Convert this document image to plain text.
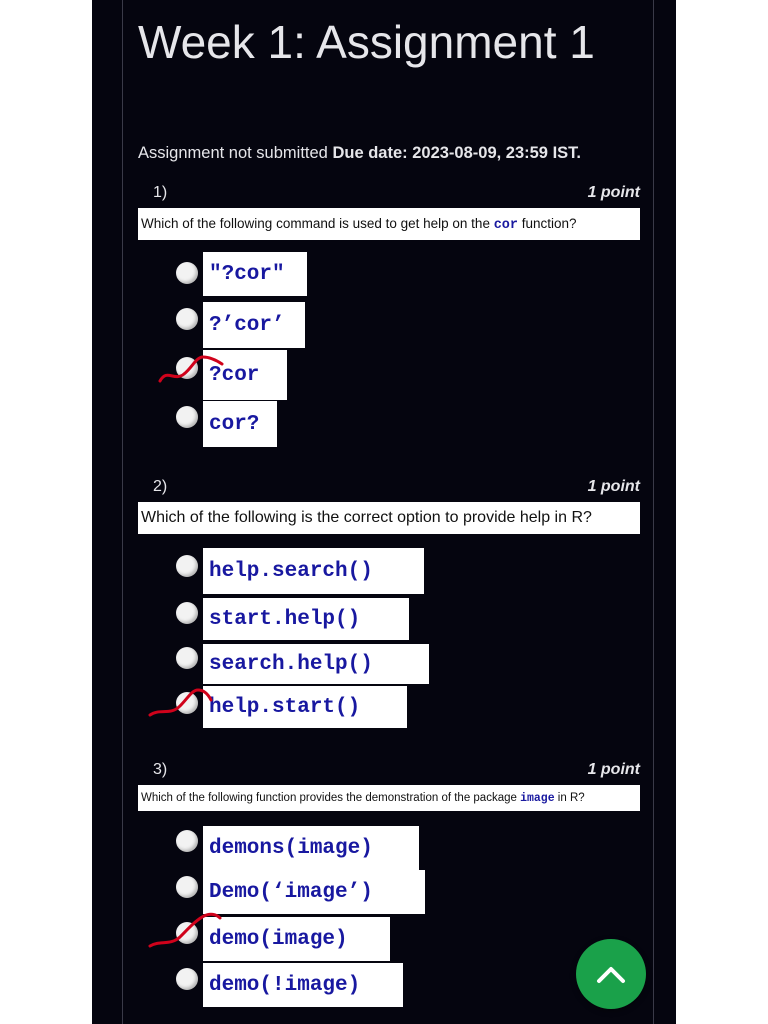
Week 1: Assignment 1
Assignment not submitted Due date: 2023-08-09, 23:59 IST.
1)	1 point
Which of the following command is used to get help on the cor function?
"?cor"
?’cor’
?cor
cor?
2)	1 point
Which of the following is the correct option to provide help in R?
help.search()
start.help()
search.help()
help.start()
3)	1 point
Which of the following function provides the demonstration of the package image in R?
demons(image)
Demo(‘image’)
demo(image)
demo(!image)
